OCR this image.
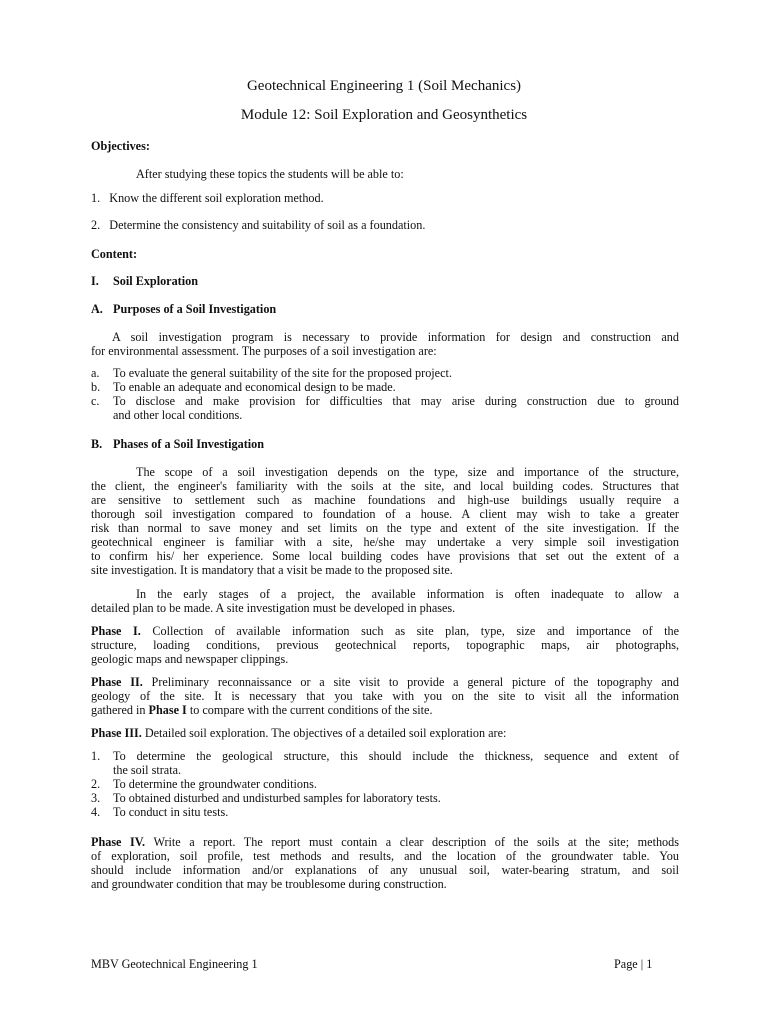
Geotechnical Engineering 1 (Soil Mechanics)
Module 12: Soil Exploration and Geosynthetics
Objectives:
After studying these topics the students will be able to:
1. Know the different soil exploration method.
2. Determine the consistency and suitability of soil as a foundation.
Content:
I. Soil Exploration
A. Purposes of a Soil Investigation
A soil investigation program is necessary to provide information for design and construction and
for environmental assessment. The purposes of a soil investigation are:
a. To evaluate the general suitability of the site for the proposed project.
b. To enable an adequate and economical design to be made.
c. To disclose and make provision for difficulties that may arise during construction due to ground
and other local conditions.
B. Phases of a Soil Investigation
The scope of a soil investigation depends on the type, size and importance of the structure,
the client, the engineer's familiarity with the soils at the site, and local building codes. Structures that
are sensitive to settlement such as machine foundations and high-use buildings usually require a
thorough soil investigation compared to foundation of a house. A client may wish to take a greater
risk than normal to save money and set limits on the type and extent of the site investigation. If the
geotechnical engineer is familiar with a site, he/she may undertake a very simple soil investigation
to confirm his/ her experience. Some local building codes have provisions that set out the extent of a
site investigation. It is mandatory that a visit be made to the proposed site.
In the early stages of a project, the available information is often inadequate to allow a
detailed plan to be made. A site investigation must be developed in phases.
Phase I. Collection of available information such as site plan, type, size and importance of the
structure, loading conditions, previous geotechnical reports, topographic maps, air photographs,
geologic maps and newspaper clippings.
Phase II. Preliminary reconnaissance or a site visit to provide a general picture of the topography and
geology of the site. It is necessary that you take with you on the site to visit all the information
gathered in Phase I to compare with the current conditions of the site.
Phase III. Detailed soil exploration. The objectives of a detailed soil exploration are:
1. To determine the geological structure, this should include the thickness, sequence and extent of
the soil strata.
2. To determine the groundwater conditions.
3. To obtained disturbed and undisturbed samples for laboratory tests.
4. To conduct in situ tests.
Phase IV. Write a report. The report must contain a clear description of the soils at the site; methods
of exploration, soil profile, test methods and results, and the location of the groundwater table. You
should include information and/or explanations of any unusual soil, water-bearing stratum, and soil
and groundwater condition that may be troublesome during construction.
MBV Geotechnical Engineering 1	Page | 1
